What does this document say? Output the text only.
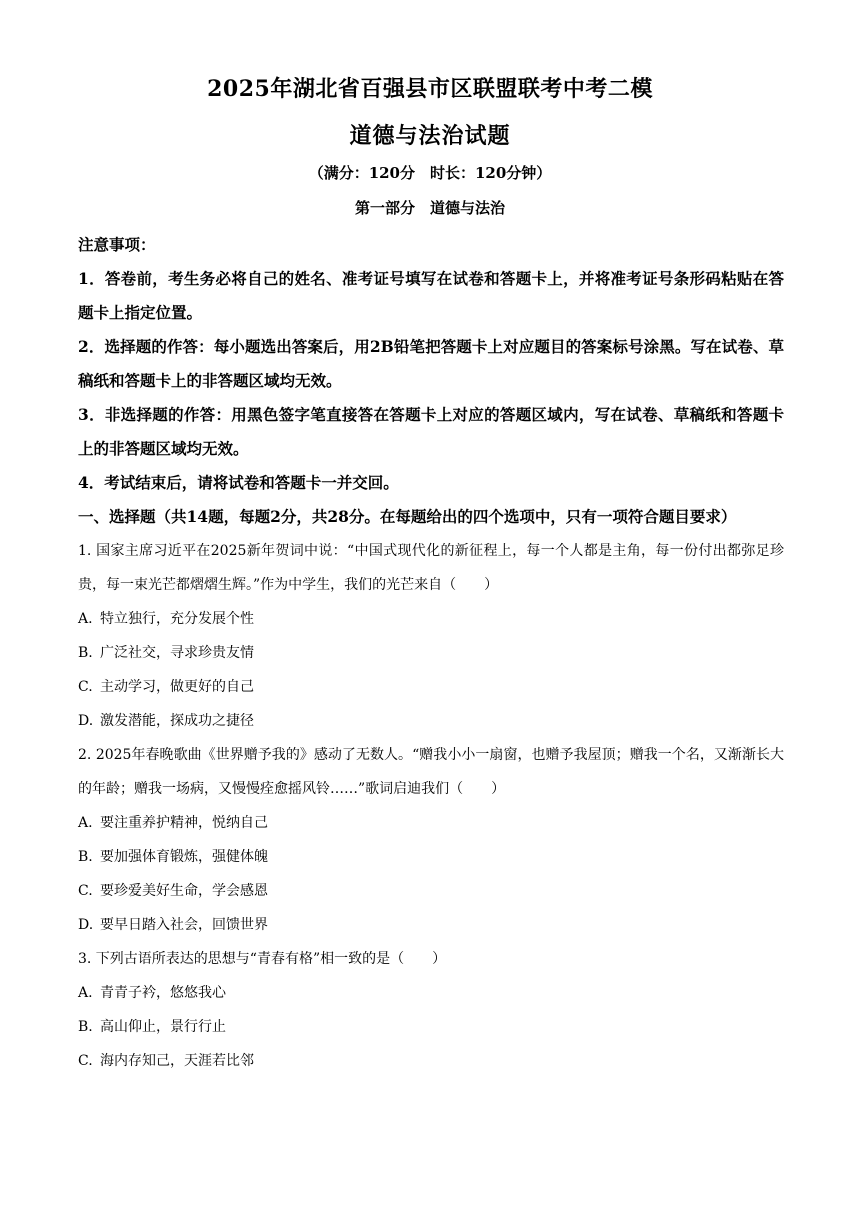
2025年湖北省百强县市区联盟联考中考二模
道德与法治试题
（满分：120分　时长：120分钟）
第一部分　道德与法治
注意事项：
1．答卷前，考生务必将自己的姓名、准考证号填写在试卷和答题卡上，并将准考证号条形码粘贴在答题卡上指定位置。
2．选择题的作答：每小题选出答案后，用2B铅笔把答题卡上对应题目的答案标号涂黑。写在试卷、草稿纸和答题卡上的非答题区域均无效。
3．非选择题的作答：用黑色签字笔直接答在答题卡上对应的答题区域内，写在试卷、草稿纸和答题卡上的非答题区域均无效。
4．考试结束后，请将试卷和答题卡一并交回。
一、选择题（共14题，每题2分，共28分。在每题给出的四个选项中，只有一项符合题目要求）
1. 国家主席习近平在2025新年贺词中说：“中国式现代化的新征程上，每一个人都是主角，每一份付出都弥足珍贵，每一束光芒都熠熠生辉。”作为中学生，我们的光芒来自（　　）
A. 特立独行，充分发展个性
B. 广泛社交，寻求珍贵友情
C. 主动学习，做更好的自己
D. 激发潜能，探成功之捷径
2. 2025年春晚歌曲《世界赠予我的》感动了无数人。“赠我小小一扇窗，也赠予我屋顶；赠我一个名，又渐渐长大的年龄；赠我一场病，又慢慢痊愈摇风铃……”歌词启迪我们（　　）
A. 要注重养护精神，悦纳自己
B. 要加强体育锻炼，强健体魄
C. 要珍爱美好生命，学会感恩
D. 要早日踏入社会，回馈世界
3. 下列古语所表达的思想与“青春有格”相一致的是（　　）
A. 青青子衿，悠悠我心
B. 高山仰止，景行行止
C. 海内存知己，天涯若比邻
